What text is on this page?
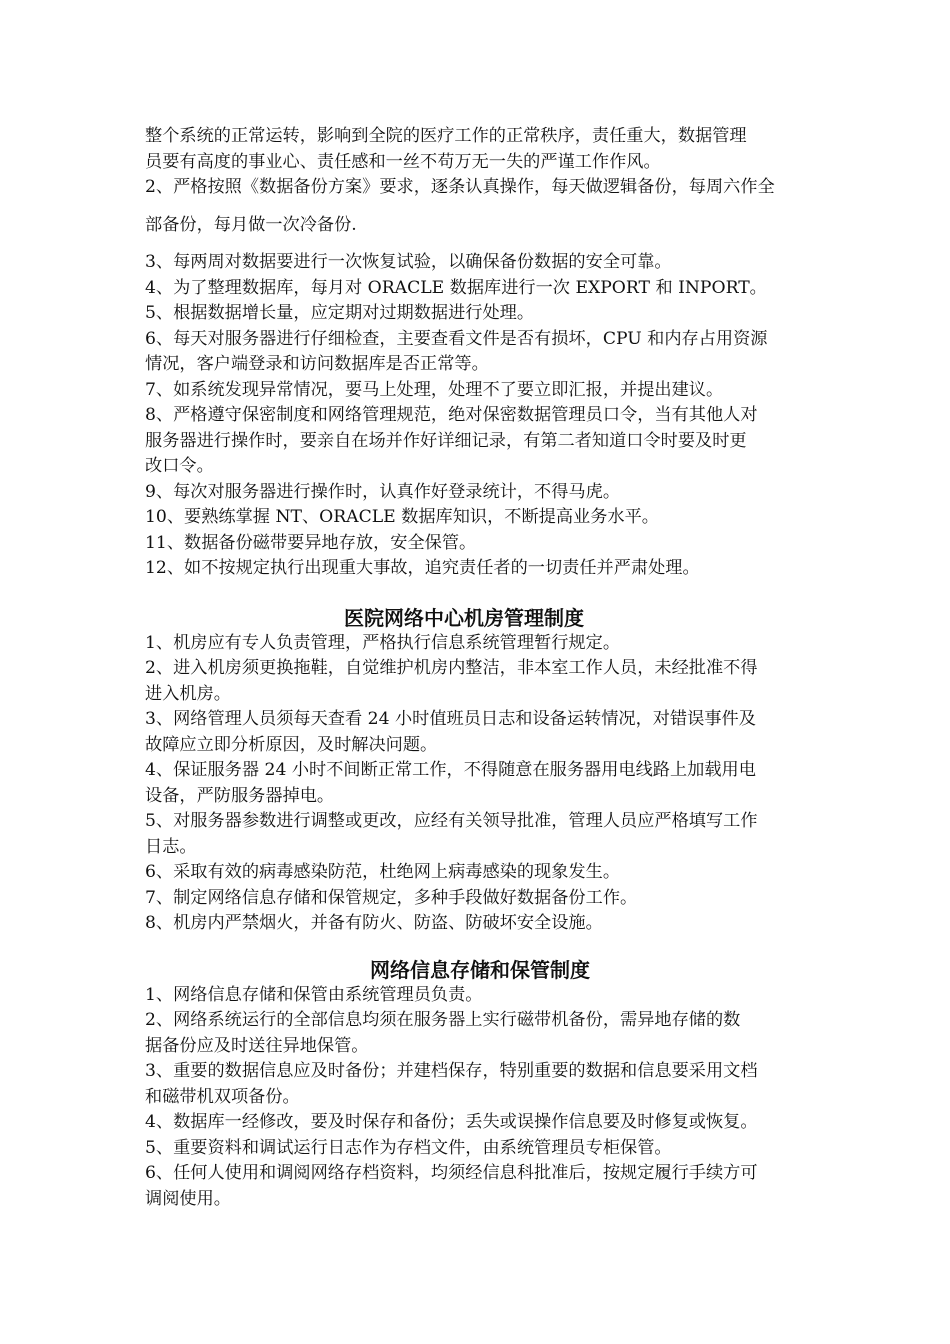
整个系统的正常运转，影响到全院的医疗工作的正常秩序，责任重大，数据管理

员要有高度的事业心、责任感和一丝不苟万无一失的严谨工作作风。

2、严格按照《数据备份方案》要求，逐条认真操作，每天做逻辑备份，每周六作全

部备份，每月做一次冷备份.

3、每两周对数据要进行一次恢复试验，以确保备份数据的安全可靠。

4、为了整理数据库，每月对 ORACLE 数据库进行一次 EXPORT 和 INPORT。

5、根据数据增长量，应定期对过期数据进行处理。

6、每天对服务器进行仔细检查，主要查看文件是否有损坏，CPU 和内存占用资源

情况，客户端登录和访问数据库是否正常等。

7、如系统发现异常情况，要马上处理，处理不了要立即汇报，并提出建议。

8、严格遵守保密制度和网络管理规范，绝对保密数据管理员口令，当有其他人对

服务器进行操作时，要亲自在场并作好详细记录，有第二者知道口令时要及时更

改口令。

9、每次对服务器进行操作时，认真作好登录统计，不得马虎。

10、要熟练掌握 NT、ORACLE 数据库知识，不断提高业务水平。

11、数据备份磁带要异地存放，安全保管。

12、如不按规定执行出现重大事故，追究责任者的一切责任并严肃处理。

医院网络中心机房管理制度

1、机房应有专人负责管理，严格执行信息系统管理暂行规定。

2、进入机房须更换拖鞋，自觉维护机房内整洁，非本室工作人员，未经批准不得

进入机房。

3、网络管理人员须每天查看 24 小时值班员日志和设备运转情况，对错误事件及

故障应立即分析原因，及时解决问题。

4、保证服务器 24 小时不间断正常工作，不得随意在服务器用电线路上加载用电

设备，严防服务器掉电。

5、对服务器参数进行调整或更改，应经有关领导批准，管理人员应严格填写工作

日志。

6、采取有效的病毒感染防范，杜绝网上病毒感染的现象发生。

7、制定网络信息存储和保管规定，多种手段做好数据备份工作。

8、机房内严禁烟火，并备有防火、防盗、防破坏安全设施。

网络信息存储和保管制度

1、网络信息存储和保管由系统管理员负责。

2、网络系统运行的全部信息均须在服务器上实行磁带机备份，需异地存储的数

据备份应及时送往异地保管。

3、重要的数据信息应及时备份；并建档保存，特别重要的数据和信息要采用文档

和磁带机双项备份。

4、数据库一经修改，要及时保存和备份；丢失或误操作信息要及时修复或恢复。

5、重要资料和调试运行日志作为存档文件，由系统管理员专柜保管。

6、任何人使用和调阅网络存档资料，均须经信息科批准后，按规定履行手续方可

调阅使用。
